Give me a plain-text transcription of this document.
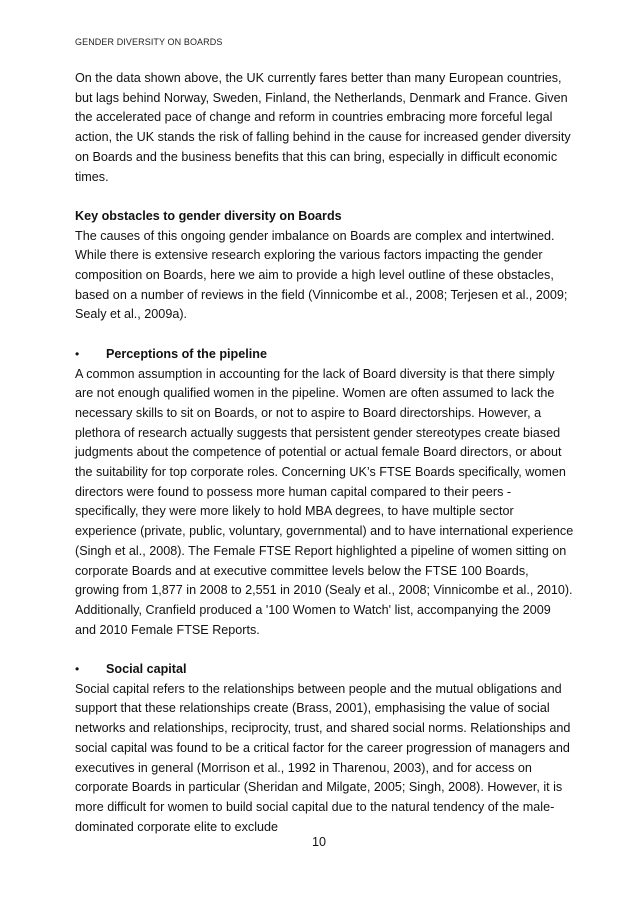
GENDER DIVERSITY ON BOARDS

On the data shown above, the UK currently fares better than many European countries, but lags behind Norway, Sweden, Finland, the Netherlands, Denmark and France. Given the accelerated pace of change and reform in countries embracing more forceful legal action, the UK stands the risk of falling behind in the cause for increased gender diversity on Boards and the business benefits that this can bring, especially in difficult economic times.

Key obstacles to gender diversity on Boards

The causes of this ongoing gender imbalance on Boards are complex and intertwined. While there is extensive research exploring the various factors impacting the gender composition on Boards, here we aim to provide a high level outline of these obstacles, based on a number of reviews in the field (Vinnicombe et al., 2008; Terjesen et al., 2009; Sealy et al., 2009a).

•	Perceptions of the pipeline

A common assumption in accounting for the lack of Board diversity is that there simply are not enough qualified women in the pipeline. Women are often assumed to lack the necessary skills to sit on Boards, or not to aspire to Board directorships. However, a plethora of research actually suggests that persistent gender stereotypes create biased judgments about the competence of potential or actual female Board directors, or about the suitability for top corporate roles. Concerning UK’s FTSE Boards specifically, women directors were found to possess more human capital compared to their peers - specifically, they were more likely to hold MBA degrees, to have multiple sector experience (private, public, voluntary, governmental) and to have international experience (Singh et al., 2008). The Female FTSE Report highlighted a pipeline of women sitting on corporate Boards and at executive committee levels below the FTSE 100 Boards, growing from 1,877 in 2008 to 2,551 in 2010 (Sealy et al., 2008; Vinnicombe et al., 2010). Additionally, Cranfield produced a '100 Women to Watch' list, accompanying the 2009 and 2010 Female FTSE Reports.

•	Social capital

Social capital refers to the relationships between people and the mutual obligations and support that these relationships create (Brass, 2001), emphasising the value of social networks and relationships, reciprocity, trust, and shared social norms. Relationships and social capital was found to be a critical factor for the career progression of managers and executives in general (Morrison et al., 1992 in Tharenou, 2003), and for access on corporate Boards in particular (Sheridan and Milgate, 2005; Singh, 2008). However, it is more difficult for women to build social capital due to the natural tendency of the male-dominated corporate elite to exclude

10
